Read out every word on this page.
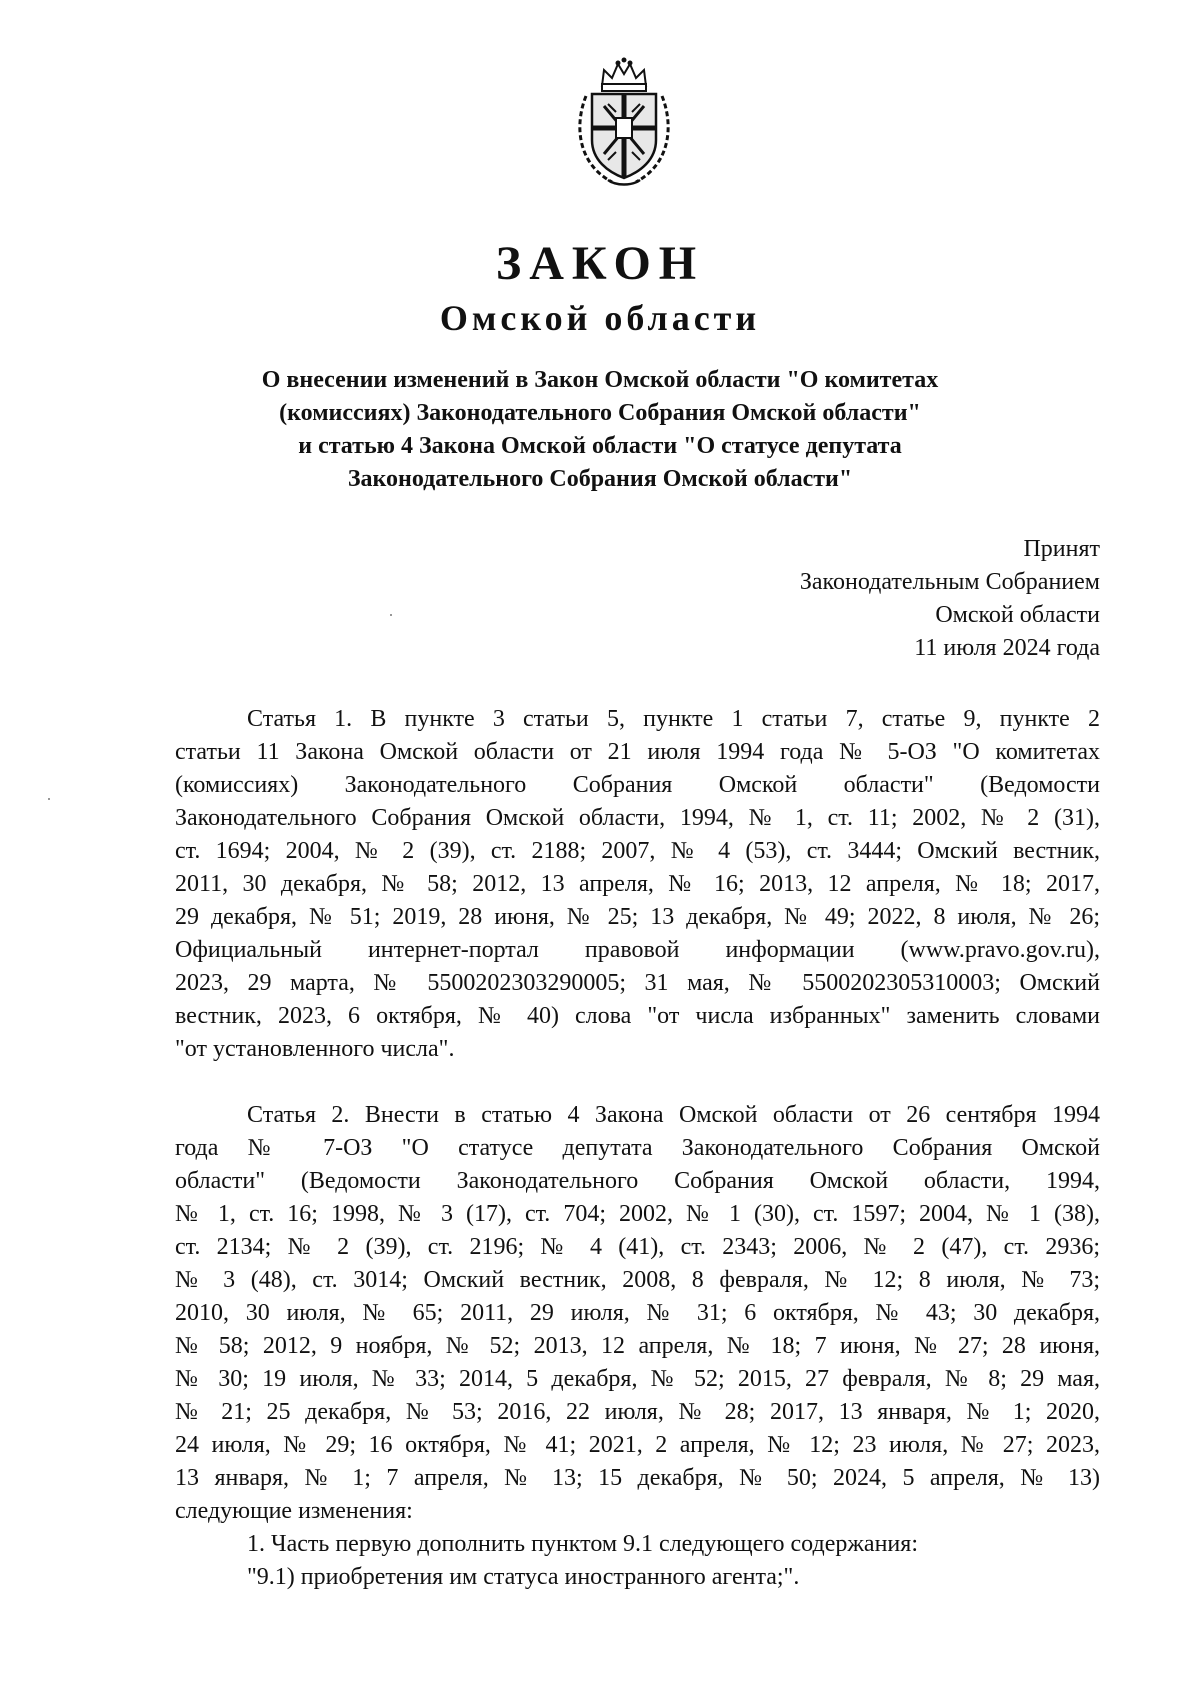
ЗАКОН
Омской области
О внесении изменений в Закон Омской области "О комитетах
(комиссиях) Законодательного Собрания Омской области"
и статью 4 Закона Омской области "О статусе депутата
Законодательного Собрания Омской области"
Принят
Законодательным Собранием
Омской области
11 июля 2024 года
Статья 1. В пункте 3 статьи 5, пункте 1 статьи 7, статье 9, пункте 2
статьи 11 Закона Омской области от 21 июля 1994 года № 5-ОЗ "О комитетах
(комиссиях) Законодательного Собрания Омской области" (Ведомости
Законодательного Собрания Омской области, 1994, № 1, ст. 11; 2002, № 2 (31),
ст. 1694; 2004, № 2 (39), ст. 2188; 2007, № 4 (53), ст. 3444; Омский вестник,
2011, 30 декабря, № 58; 2012, 13 апреля, № 16; 2013, 12 апреля, № 18; 2017,
29 декабря, № 51; 2019, 28 июня, № 25; 13 декабря, № 49; 2022, 8 июля, № 26;
Официальный интернет-портал правовой информации (www.pravo.gov.ru),
2023, 29 марта, № 5500202303290005; 31 мая, № 5500202305310003; Омский
вестник, 2023, 6 октября, № 40) слова "от числа избранных" заменить словами
"от установленного числа".
Статья 2. Внести в статью 4 Закона Омской области от 26 сентября 1994
года № 7-ОЗ "О статусе депутата Законодательного Собрания Омской
области" (Ведомости Законодательного Собрания Омской области, 1994,
№ 1, ст. 16; 1998, № 3 (17), ст. 704; 2002, № 1 (30), ст. 1597; 2004, № 1 (38),
ст. 2134; № 2 (39), ст. 2196; № 4 (41), ст. 2343; 2006, № 2 (47), ст. 2936;
№ 3 (48), ст. 3014; Омский вестник, 2008, 8 февраля, № 12; 8 июля, № 73;
2010, 30 июля, № 65; 2011, 29 июля, № 31; 6 октября, № 43; 30 декабря,
№ 58; 2012, 9 ноября, № 52; 2013, 12 апреля, № 18; 7 июня, № 27; 28 июня,
№ 30; 19 июля, № 33; 2014, 5 декабря, № 52; 2015, 27 февраля, № 8; 29 мая,
№ 21; 25 декабря, № 53; 2016, 22 июля, № 28; 2017, 13 января, № 1; 2020,
24 июля, № 29; 16 октября, № 41; 2021, 2 апреля, № 12; 23 июля, № 27; 2023,
13 января, № 1; 7 апреля, № 13; 15 декабря, № 50; 2024, 5 апреля, № 13)
следующие изменения:
1. Часть первую дополнить пунктом 9.1 следующего содержания:
"9.1) приобретения им статуса иностранного агента;".
